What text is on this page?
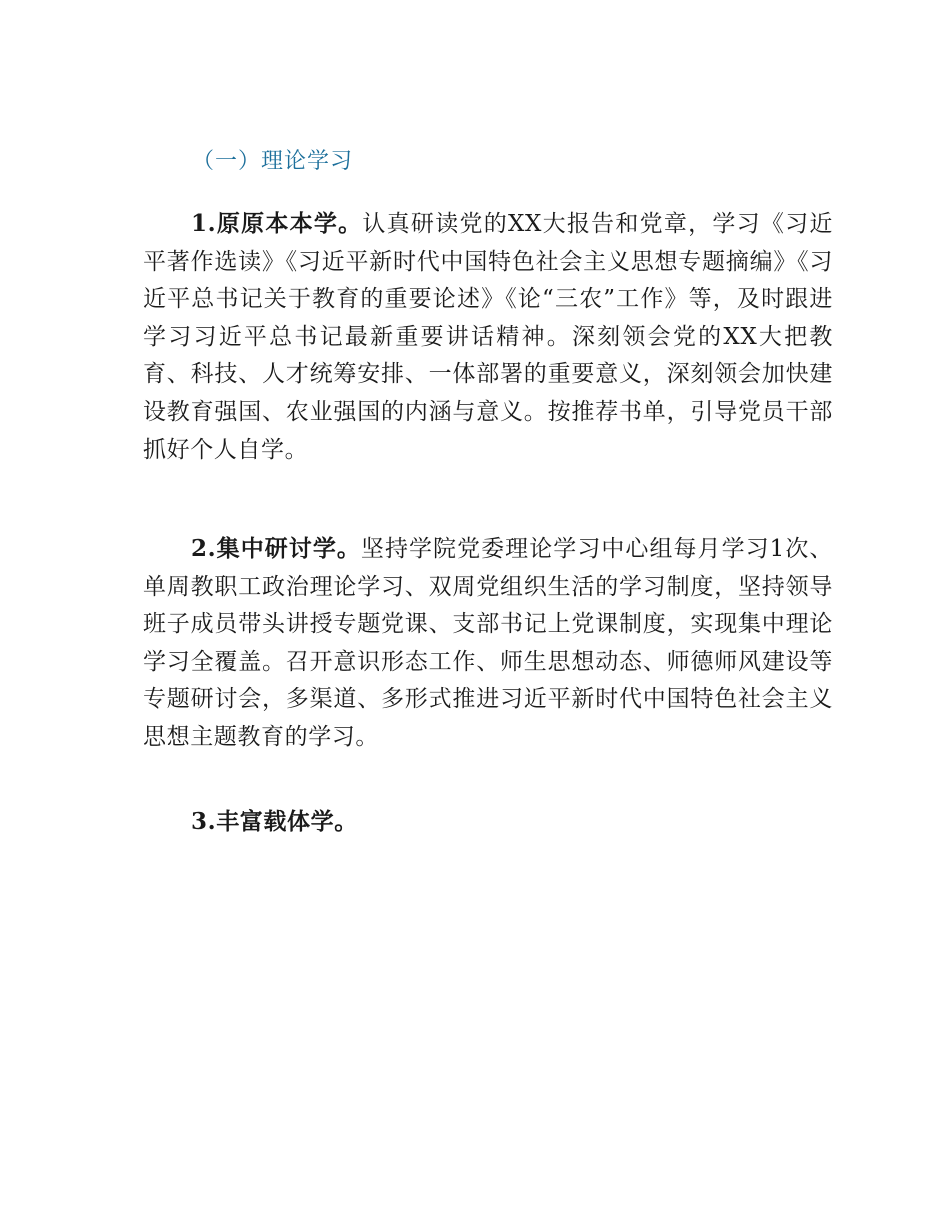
（一）理论学习

1.原原本本学。认真研读党的XX大报告和党章，学习《习近平著作选读》《习近平新时代中国特色社会主义思想专题摘编》《习近平总书记关于教育的重要论述》《论“三农”工作》等，及时跟进学习习近平总书记最新重要讲话精神。深刻领会党的XX大把教育、科技、人才统筹安排、一体部署的重要意义，深刻领会加快建设教育强国、农业强国的内涵与意义。按推荐书单，引导党员干部抓好个人自学。

2.集中研讨学。坚持学院党委理论学习中心组每月学习1次、单周教职工政治理论学习、双周党组织生活的学习制度，坚持领导班子成员带头讲授专题党课、支部书记上党课制度，实现集中理论学习全覆盖。召开意识形态工作、师生思想动态、师德师风建设等专题研讨会，多渠道、多形式推进习近平新时代中国特色社会主义思想主题教育的学习。

3.丰富载体学。
